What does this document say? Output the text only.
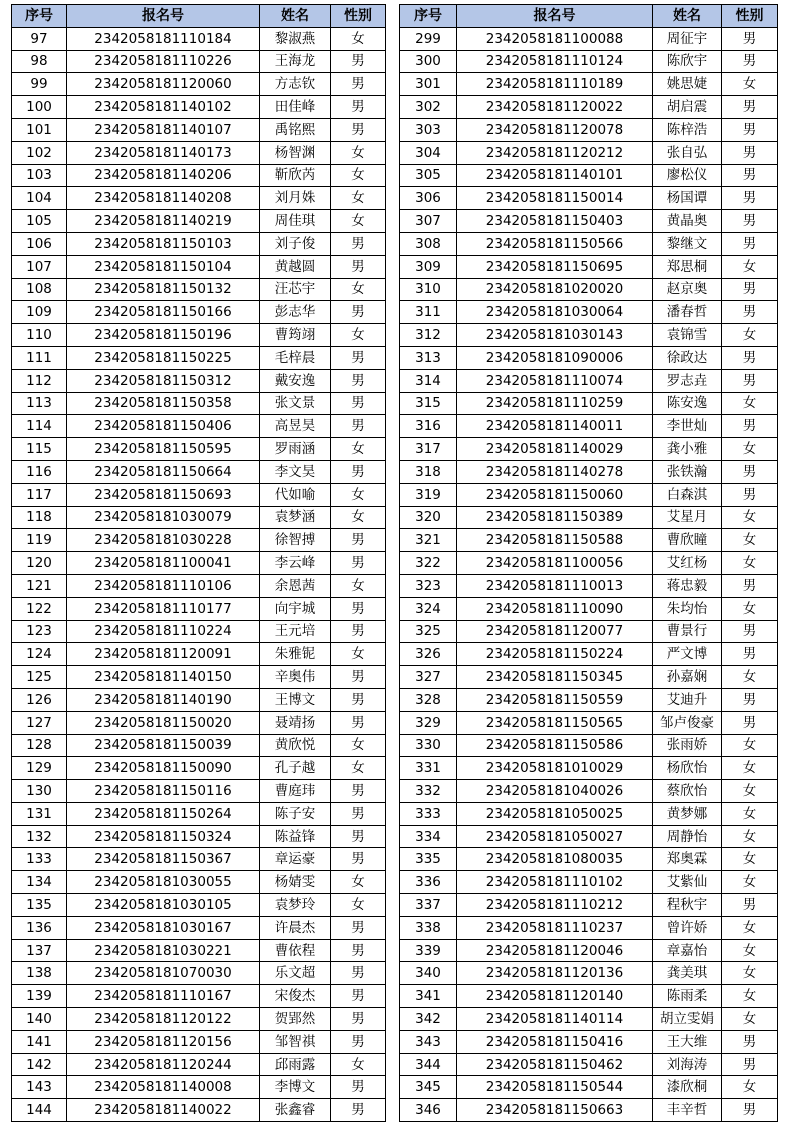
序号	报名号	姓名	性别
97	2342058181110184	黎淑燕	女
98	2342058181110226	王海龙	男
99	2342058181120060	方志钦	男
100	2342058181140102	田佳峰	男
101	2342058181140107	禹铭熙	男
102	2342058181140173	杨智渊	女
103	2342058181140206	靳欣芮	女
104	2342058181140208	刘月姝	女
105	2342058181140219	周佳琪	女
106	2342058181150103	刘子俊	男
107	2342058181150104	黄越圆	男
108	2342058181150132	汪芯宇	女
109	2342058181150166	彭志华	男
110	2342058181150196	曹筠翊	女
111	2342058181150225	毛梓晨	男
112	2342058181150312	戴安逸	男
113	2342058181150358	张文景	男
114	2342058181150406	高昱昊	男
115	2342058181150595	罗雨涵	女
116	2342058181150664	李文昊	男
117	2342058181150693	代如喻	女
118	2342058181030079	袁梦涵	女
119	2342058181030228	徐智搏	男
120	2342058181100041	李云峰	男
121	2342058181110106	余恩茜	女
122	2342058181110177	向宇城	男
123	2342058181110224	王元培	男
124	2342058181120091	朱雅铌	女
125	2342058181140150	辛奥伟	男
126	2342058181140190	王博文	男
127	2342058181150020	聂靖扬	男
128	2342058181150039	黄欣悦	女
129	2342058181150090	孔子越	女
130	2342058181150116	曹庭玮	男
131	2342058181150264	陈子安	男
132	2342058181150324	陈益锋	男
133	2342058181150367	章运豪	男
134	2342058181030055	杨婧雯	女
135	2342058181030105	袁梦玲	女
136	2342058181030167	许晨杰	男
137	2342058181030221	曹依程	男
138	2342058181070030	乐文超	男
139	2342058181110167	宋俊杰	男
140	2342058181120122	贺郢然	男
141	2342058181120156	邹智祺	男
142	2342058181120244	邱雨露	女
143	2342058181140008	李博文	男
144	2342058181140022	张鑫睿	男
序号	报名号	姓名	性别
299	2342058181100088	周征宇	男
300	2342058181110124	陈欣宇	男
301	2342058181110189	姚思婕	女
302	2342058181120022	胡启震	男
303	2342058181120078	陈梓浩	男
304	2342058181120212	张自弘	男
305	2342058181140101	廖松仪	男
306	2342058181150014	杨国谭	男
307	2342058181150403	黄晶奥	男
308	2342058181150566	黎继文	男
309	2342058181150695	郑思桐	女
310	2342058181020020	赵京奥	男
311	2342058181030064	潘春哲	男
312	2342058181030143	袁锦雪	女
313	2342058181090006	徐政达	男
314	2342058181110074	罗志垚	男
315	2342058181110259	陈安逸	女
316	2342058181140011	李世灿	男
317	2342058181140029	龚小雅	女
318	2342058181140278	张铁瀚	男
319	2342058181150060	白森淇	男
320	2342058181150389	艾星月	女
321	2342058181150588	曹欣瞳	女
322	2342058181100056	艾红杨	女
323	2342058181110013	蒋忠毅	男
324	2342058181110090	朱均怡	女
325	2342058181120077	曹景行	男
326	2342058181150224	严文博	男
327	2342058181150345	孙嘉娴	女
328	2342058181150559	艾迪升	男
329	2342058181150565	邹卢俊豪	男
330	2342058181150586	张雨娇	女
331	2342058181010029	杨欣怡	女
332	2342058181040026	蔡欣怡	女
333	2342058181050025	黄梦娜	女
334	2342058181050027	周静怡	女
335	2342058181080035	郑奥霖	女
336	2342058181110102	艾紫仙	女
337	2342058181110212	程秋宇	男
338	2342058181110237	曾许娇	女
339	2342058181120046	章嘉怡	女
340	2342058181120136	龚美琪	女
341	2342058181120140	陈雨柔	女
342	2342058181140114	胡立雯娟	女
343	2342058181150416	王大维	男
344	2342058181150462	刘海涛	男
345	2342058181150544	漆欣桐	女
346	2342058181150663	丰辛哲	男
